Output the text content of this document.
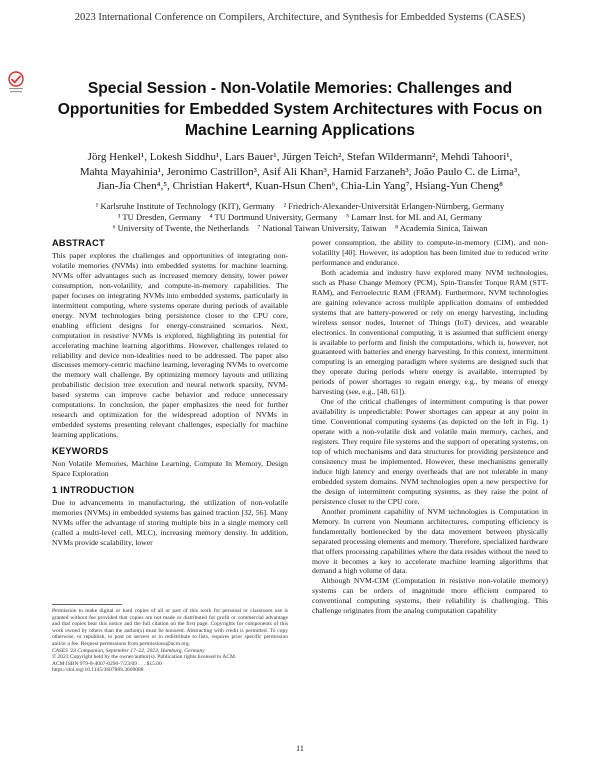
2023 International Conference on Compilers, Architecture, and Synthesis for Embedded Systems (CASES)
Special Session - Non-Volatile Memories: Challenges and Opportunities for Embedded System Architectures with Focus on Machine Learning Applications
Jörg Henkel¹, Lokesh Siddhu¹, Lars Bauer¹, Jürgen Teich², Stefan Wildermann², Mehdi Tahoori¹,
Mahta Mayahinia¹, Jeronimo Castrillon³, Asif Ali Khan³, Hamid Farzaneh³, João Paulo C. de Lima³,
Jian-Jia Chen⁴,⁵, Christian Hakert⁴, Kuan-Hsun Chen⁶, Chia-Lin Yang⁷, Hsiang-Yun Cheng⁸
¹ Karlsruhe Institute of Technology (KIT), Germany    ² Friedrich-Alexander-Universität Erlangen-Nürnberg, Germany
³ TU Dresden, Germany    ⁴ TU Dortmund University, Germany    ⁵ Lamarr Inst. for ML and AI, Germany
⁶ University of Twente, the Netherlands    ⁷ National Taiwan University, Taiwan    ⁸ Academia Sinica, Taiwan
ABSTRACT

This paper explores the challenges and opportunities of integrating non-volatile memories (NVMs) into embedded systems for machine learning. NVMs offer advantages such as increased memory density, lower power consumption, non-volatility, and compute-in-memory capabilities. The paper focuses on integrating NVMs into embedded systems, particularly in intermittent computing, where systems operate during periods of available energy. NVM technologies bring persistence closer to the CPU core, enabling efficient designs for energy-constrained scenarios. Next, computation in resistive NVMs is explored, highlighting its potential for accelerating machine learning algorithms. However, challenges related to reliability and device non-idealities need to be addressed. The paper also discusses memory-centric machine learning, leveraging NVMs to overcome the memory wall challenge. By optimizing memory layouts and utilizing probabilistic decision tree execution and neural network sparsity, NVM-based systems can improve cache behavior and reduce unnecessary computations. In conclusion, the paper emphasizes the need for further research and optimization for the widespread adoption of NVMs in embedded systems presenting relevant challenges, especially for machine learning applications.

KEYWORDS

Non Volatile Memories, Machine Learning, Compute In Memory, Design Space Exploration

1 INTRODUCTION

Due to advancements in manufacturing, the utilization of non-volatile memories (NVMs) in embedded systems has gained traction [32, 56]. Many NVMs offer the advantage of storing multiple bits in a single memory cell (called a multi-level cell, MLC), increasing memory density. In addition, NVMs provide scalability, lower

Permission to make digital or hard copies of all or part of this work for personal or classroom use is granted without fee provided that copies are not made or distributed for profit or commercial advantage and that copies bear this notice and the full citation on the first page. Copyrights for components of this work owned by others than the author(s) must be honored. Abstracting with credit is permitted. To copy otherwise, or republish, to post on servers or to redistribute to lists, requires prior specific permission and/or a fee. Request permissions from permissions@acm.org.
CASES '23 Companion, September 17–22, 2023, Hamburg, Germany
© 2023 Copyright held by the owner/author(s). Publication rights licensed to ACM.
ACM ISBN 979-8-4007-0290-7/23/09 . . . $15.00
https://doi.org/10.1145/3607889.3609088

power consumption, the ability to compute-in-memory (CIM), and non-volatility [40]. However, its adoption has been limited due to reduced write performance and endurance.

Both academia and industry have explored many NVM technologies, such as Phase Change Memory (PCM), Spin-Transfer Torque RAM (STT-RAM), and Ferroelectric RAM (FRAM). Furthermore, NVM technologies are gaining relevance across multiple application domains of embedded systems that are battery-powered or rely on energy harvesting, including wireless sensor nodes, Internet of Things (IoT) devices, and wearable electronics. In conventional computing, it is assumed that sufficient energy is available to perform and finish the computations, which is, however, not guaranteed with batteries and energy harvesting. In this context, intermittent computing is an emerging paradigm where systems are designed such that they operate during periods where energy is available, interrupted by periods of power shortages to regain energy, e.g., by means of energy harvesting (see, e.g., [48, 61]).

One of the critical challenges of intermittent computing is that power availability is unpredictable: Power shortages can appear at any point in time. Conventional computing systems (as depicted on the left in Fig. 1) operate with a non-volatile disk and volatile main memory, caches, and registers. They require file systems and the support of operating systems, on top of which mechanisms and data structures for providing persistence and consistency must be implemented. However, these mechanisms generally induce high latency and energy overheads that are not tolerable in many embedded system domains. NVM technologies open a new perspective for the design of intermittent computing systems, as they raise the point of persistence closer to the CPU core.

Another prominent capability of NVM technologies is Computation in Memory. In current von Neumann architectures, computing efficiency is fundamentally bottlenecked by the data movement between physically separated processing elements and memory. Therefore, specialized hardware that offers processing capabilities where the data resides without the need to move it becomes a key to accelerate machine learning algorithms that demand a high volume of data.

Although NVM-CIM (Computation in resistive non-volatile memory) systems can be orders of magnitude more efficient compared to conventional computing systems, their reliability is challenging. This challenge originates from the analog computation capability

11
